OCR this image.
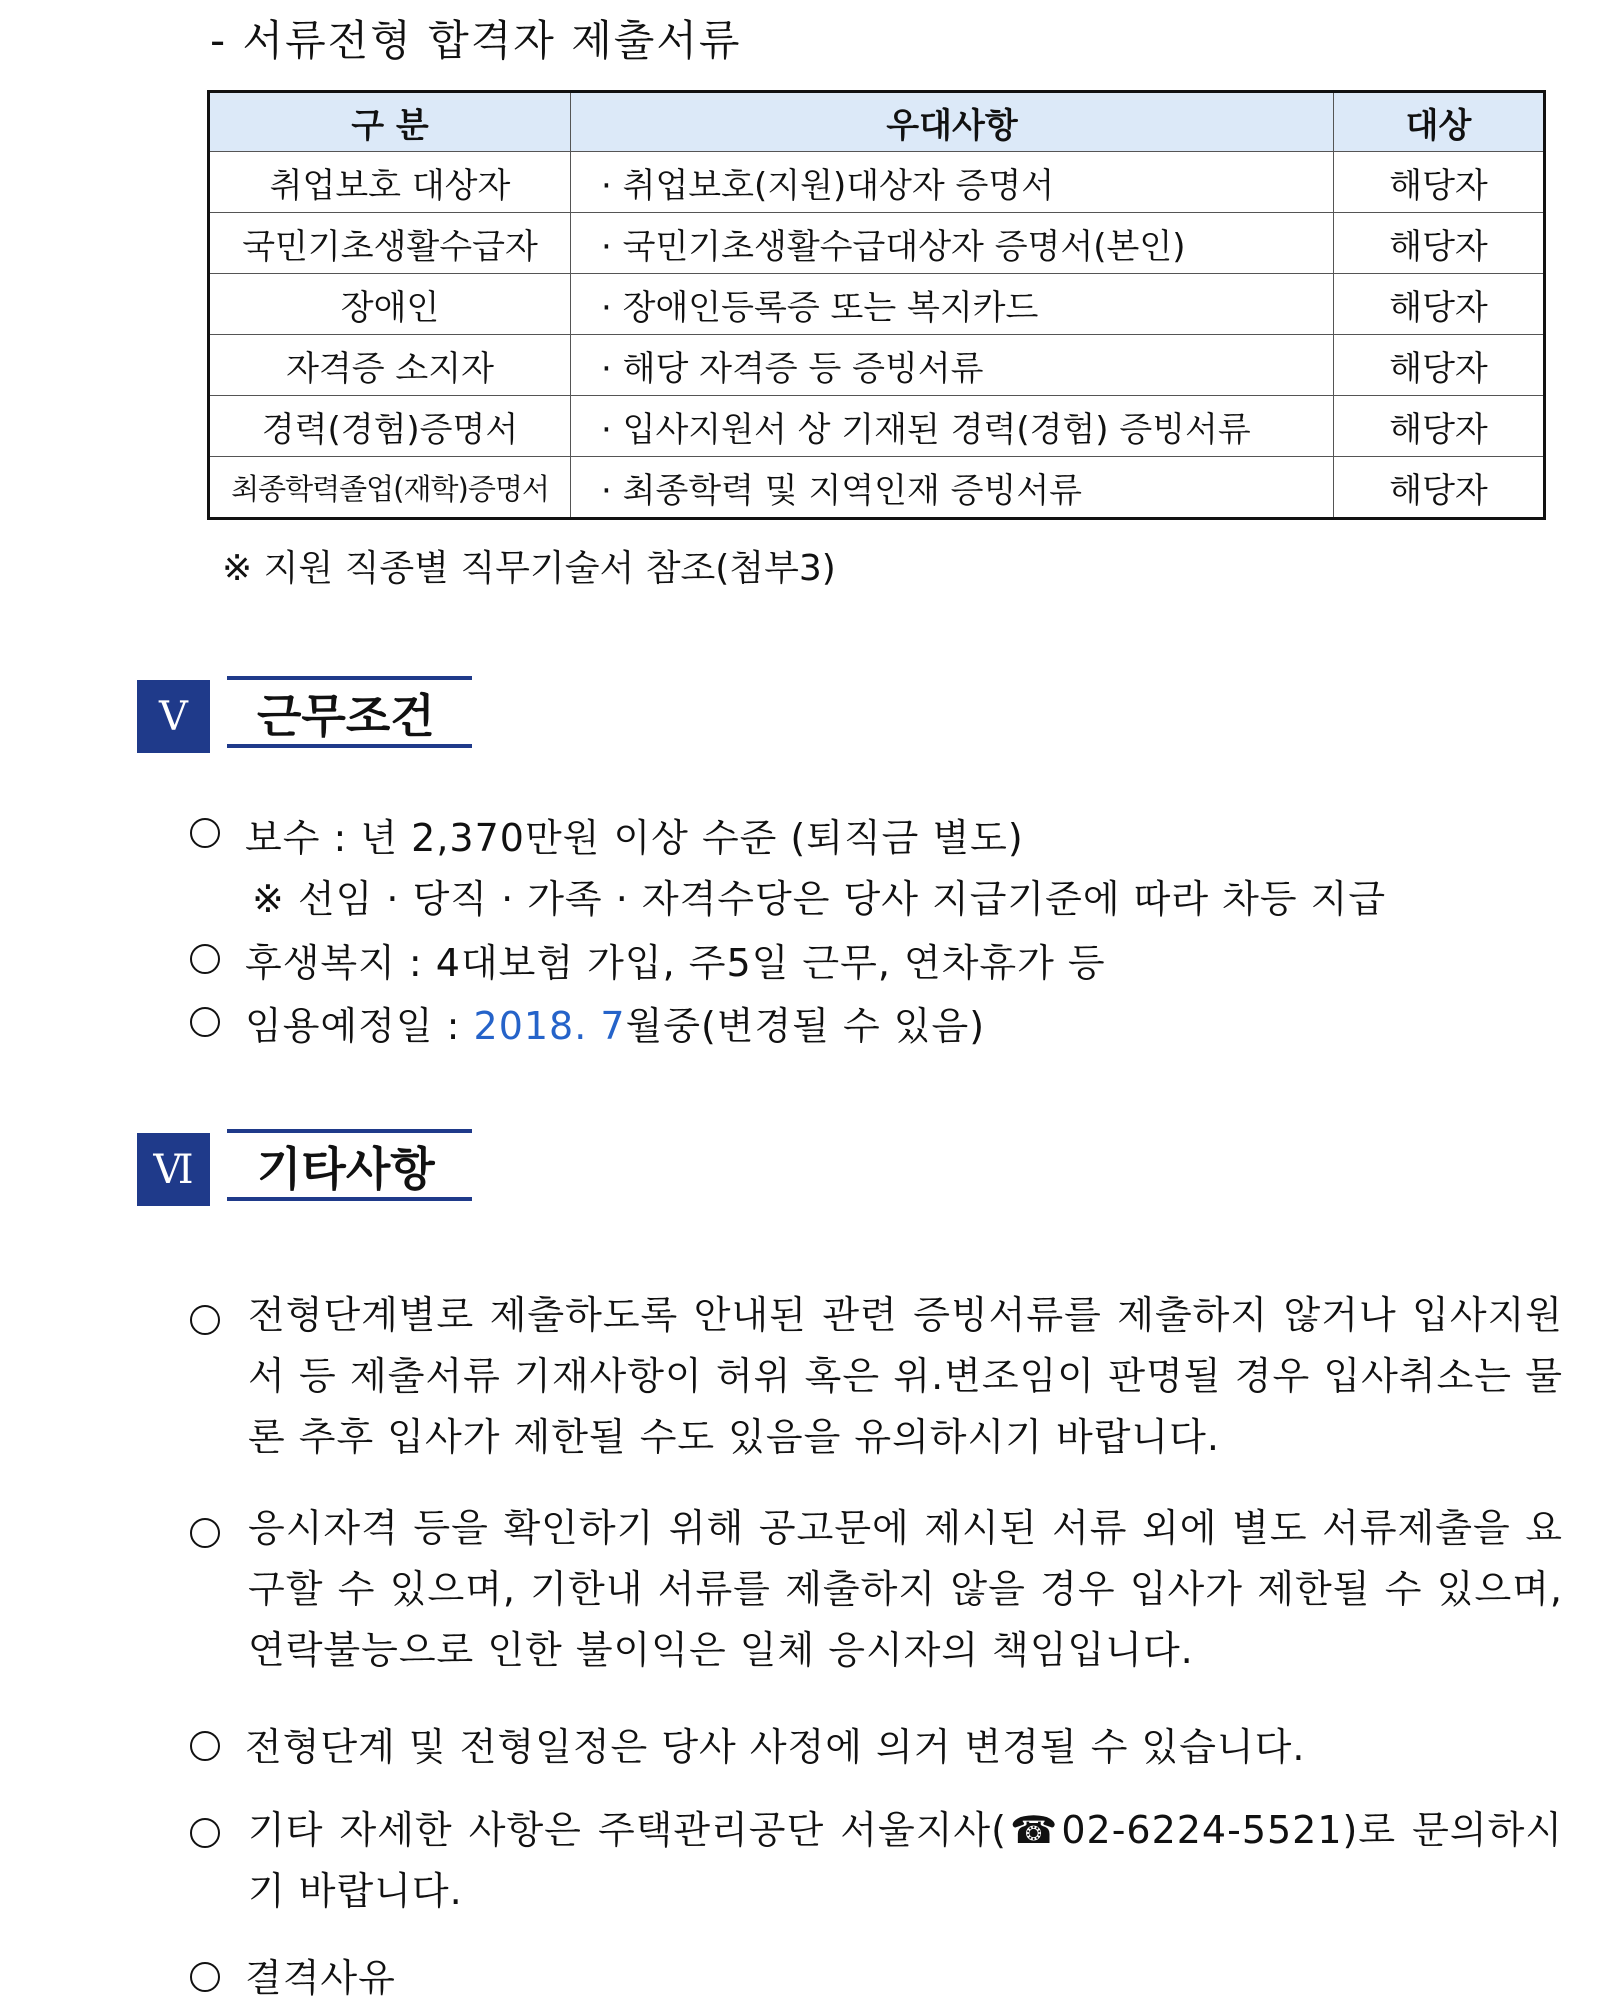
- 서류전형 합격자 제출서류
구 분	우대사항	대상
취업보호 대상자	· 취업보호(지원)대상자 증명서	해당자
국민기초생활수급자	· 국민기초생활수급대상자 증명서(본인)	해당자
장애인	· 장애인등록증 또는 복지카드	해당자
자격증 소지자	· 해당 자격증 등 증빙서류	해당자
경력(경험)증명서	· 입사지원서 상 기재된 경력(경험) 증빙서류	해당자
최종학력졸업(재학)증명서	· 최종학력 및 지역인재 증빙서류	해당자
※ 지원 직종별 직무기술서 참조(첨부3)
Ⅴ	근무조건
보수 : 년 2,370만원 이상 수준 (퇴직금 별도)
※ 선임 · 당직 · 가족 · 자격수당은 당사 지급기준에 따라 차등 지급
후생복지 : 4대보험 가입, 주5일 근무, 연차휴가 등
임용예정일 : 2018. 7월중(변경될 수 있음)
Ⅵ	기타사항
전형단계별로 제출하도록 안내된 관련 증빙서류를 제출하지 않거나 입사지원서 등 제출서류 기재사항이 허위 혹은 위.변조임이 판명될 경우 입사취소는 물론 추후 입사가 제한될 수도 있음을 유의하시기 바랍니다.
응시자격 등을 확인하기 위해 공고문에 제시된 서류 외에 별도 서류제출을 요구할 수 있으며, 기한내 서류를 제출하지 않을 경우 입사가 제한될 수 있으며, 연락불능으로 인한 불이익은 일체 응시자의 책임입니다.
전형단계 및 전형일정은 당사 사정에 의거 변경될 수 있습니다.
기타 자세한 사항은 주택관리공단 서울지사(☎02-6224-5521)로 문의하시기 바랍니다.
결격사유
